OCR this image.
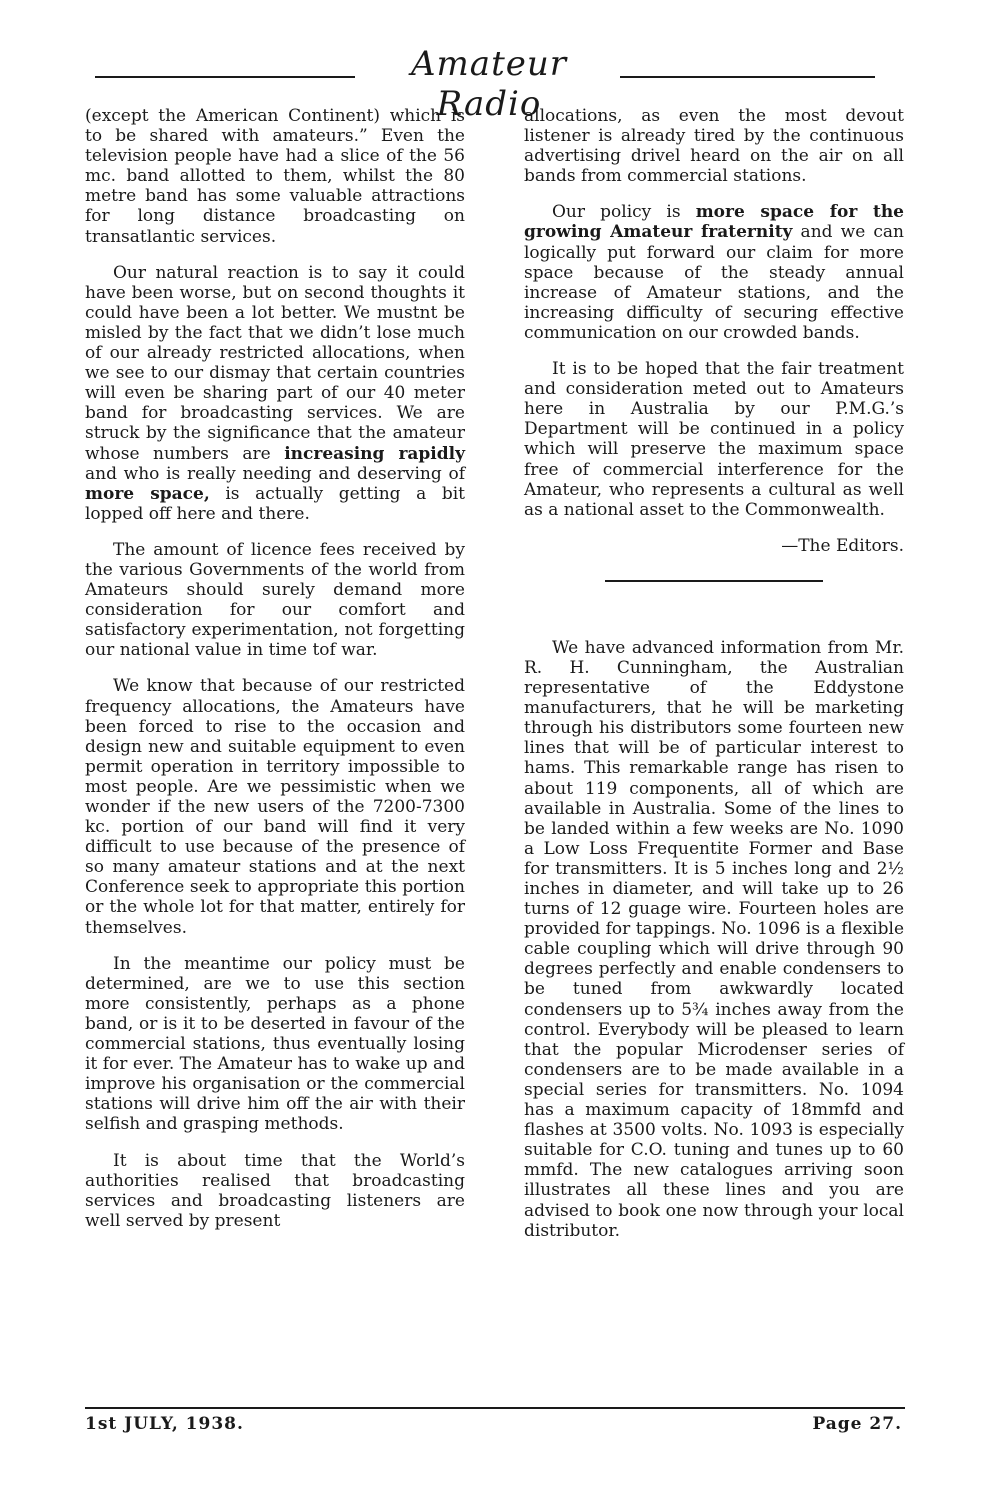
Amateur Radio

(except the American Continent) which is to be shared with amateurs.” Even the television people have had a slice of the 56 mc. band allotted to them, whilst the 80 metre band has some valuable attractions for long distance broadcasting on transatlantic services.

Our natural reaction is to say it could have been worse, but on second thoughts it could have been a lot better. We mustnt be misled by the fact that we didn’t lose much of our already restricted allocations, when we see to our dismay that certain countries will even be sharing part of our 40 meter band for broadcasting services. We are struck by the significance that the amateur whose numbers are increasing rapidly and who is really needing and deserving of more space, is actually getting a bit lopped off here and there.

The amount of licence fees received by the various Governments of the world from Amateurs should surely demand more consideration for our comfort and satisfactory experimentation, not forgetting our national value in time tof war.

We know that because of our restricted frequency allocations, the Amateurs have been forced to rise to the occasion and design new and suitable equipment to even permit operation in territory impossible to most people. Are we pessimistic when we wonder if the new users of the 7200-7300 kc. portion of our band will find it very difficult to use because of the presence of so many amateur stations and at the next Conference seek to appropriate this portion or the whole lot for that matter, entirely for themselves.

In the meantime our policy must be determined, are we to use this section more consistently, perhaps as a phone band, or is it to be deserted in favour of the commercial stations, thus eventually losing it for ever. The Amateur has to wake up and improve his organisation or the commercial stations will drive him off the air with their selfish and grasping methods.

It is about time that the World’s authorities realised that broadcasting services and broadcasting listeners are well served by present

allocations, as even the most devout listener is already tired by the continuous advertising drivel heard on the air on all bands from commercial stations.

Our policy is more space for the growing Amateur fraternity and we can logically put forward our claim for more space because of the steady annual increase of Amateur stations, and the increasing difficulty of securing effective communication on our crowded bands.

It is to be hoped that the fair treatment and consideration meted out to Amateurs here in Australia by our P.M.G.’s Department will be continued in a policy which will preserve the maximum space free of commercial interference for the Amateur, who represents a cultural as well as a national asset to the Commonwealth.

—The Editors.

We have advanced information from Mr. R. H. Cunningham, the Australian representative of the Eddystone manufacturers, that he will be marketing through his distributors some fourteen new lines that will be of particular interest to hams. This remarkable range has risen to about 119 components, all of which are available in Australia. Some of the lines to be landed within a few weeks are No. 1090 a Low Loss Frequentite Former and Base for transmitters. It is 5 inches long and 2½ inches in diameter, and will take up to 26 turns of 12 guage wire. Fourteen holes are provided for tappings. No. 1096 is a flexible cable coupling which will drive through 90 degrees perfectly and enable condensers to be tuned from awkwardly located condensers up to 5¾ inches away from the control. Everybody will be pleased to learn that the popular Microdenser series of condensers are to be made available in a special series for transmitters. No. 1094 has a maximum capacity of 18mmfd and flashes at 3500 volts. No. 1093 is especially suitable for C.O. tuning and tunes up to 60 mmfd. The new catalogues arriving soon illustrates all these lines and you are advised to book one now through your local distributor.

1st JULY, 1938.	Page 27.
